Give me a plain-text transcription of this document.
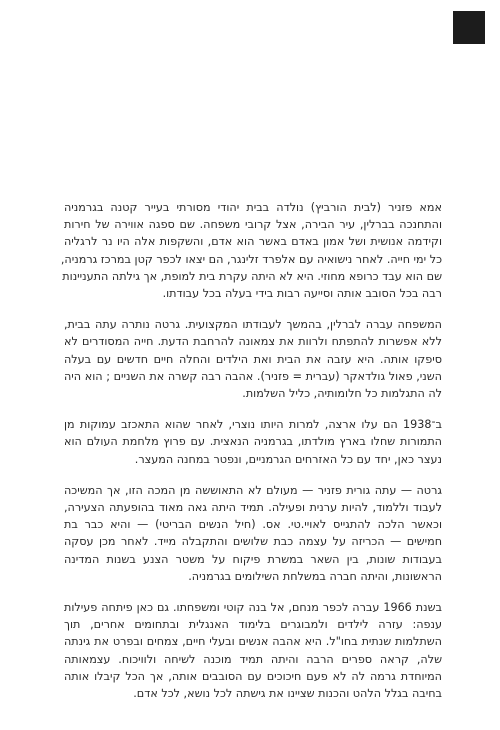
אמא פזניר (לבית הורביץ) נולדה בבית יהודי מסורתי בעייר קטנה בגרמניה
והתחנכה בברלין, עיר הבירה, אצל קרובי משפחה. שם ספגה אווירה של חירות
וקידמה אנושית ושל אמון באדם באשר הוא אדם, והשקפות אלה היו נר לרגליה
כל ימי חייה. לאחר נישואיה עם אלפרד זלינגר, הם יצאו לכפר קטן במרכז גרמניה,
שם הוא עבד כרופא מחוזי. היא לא היתה עקרת בית למופת, אך גילתה התעניינות
רבה בכל הסובב אותה וסייעה רבות בידי בעלה בכל עבודתו.

המשפחה עברה לברלין, בהמשך לעבודתו המקצועית. גרטה נותרה עתה בבית,
ללא אפשרות להתפתח ולרוות את צמאונה להרחבת הדעת. חייה המסודרים לא
סיפקו אותה. היא עזבה את הבית ואת הילדים והחלה חיים חדשים עם בעלה
השני, פאול גולדאקר (עברית = פזניר). אהבה רבה קשרה את השניים ; הוא היה
לה התגלמות כל חלומותיה, כליל השלמות.

ב־1938 הם עלו ארצה, למרות היותו נוצרי, לאחר שהוא התאכזב עמוקות מן
התמורות שחלו בארץ מולדתו, בגרמניה הנאצית. עם פרוץ מלחמת העולם הוא
נעצר כאן, יחד עם כל האזרחים הגרמניים, ונפטר במחנה המעצר.

גרטה — עתה גורית פזניר — מעולם לא התאוששה מן המכה הזו, אך המשיכה
לעבוד וללמוד, להיות ערנית ופעילה. תמיד היתה גאה מאוד בהופעתה הצעירה,
וכאשר הלכה להתגייס לאויי.טי. אס. (חיל הנשים הבריטי) — והיא כבר בת
חמישים — הכריזה על עצמה כבת שלושים והתקבלה מייד. לאחר מכן עסקה
בעבודות שונות, בין השאר במשרת פיקוח על משטר הצנע בשנות המדינה
הראשונות, והיתה חברה במשלחת השילומים בגרמניה.

בשנת 1966 עברה לכפר מנחם, אל בנה קוטי ומשפחתו. גם כאן פיתחה פעילות
ענפה: עזרה לילדים ולמבוגרים בלימוד האנגלית ובתחומים אחרים, תוך
השתלמות שנתית בחו"ל. היא אהבה אנשים ובעלי חיים, צמחים ובפרט את גינתה
שלה, קראה ספרים הרבה והיתה תמיד מוכנה לשיחה ולוויכוח. עצמאותה
המיוחדת גרמה לה לא פעם חיכוכים עם הסובבים אותה, אך הכל קיבלו אותה
בחיבה בגלל הלהט והכנות שציינו את גישתה לכל נושא, לכל אדם.
